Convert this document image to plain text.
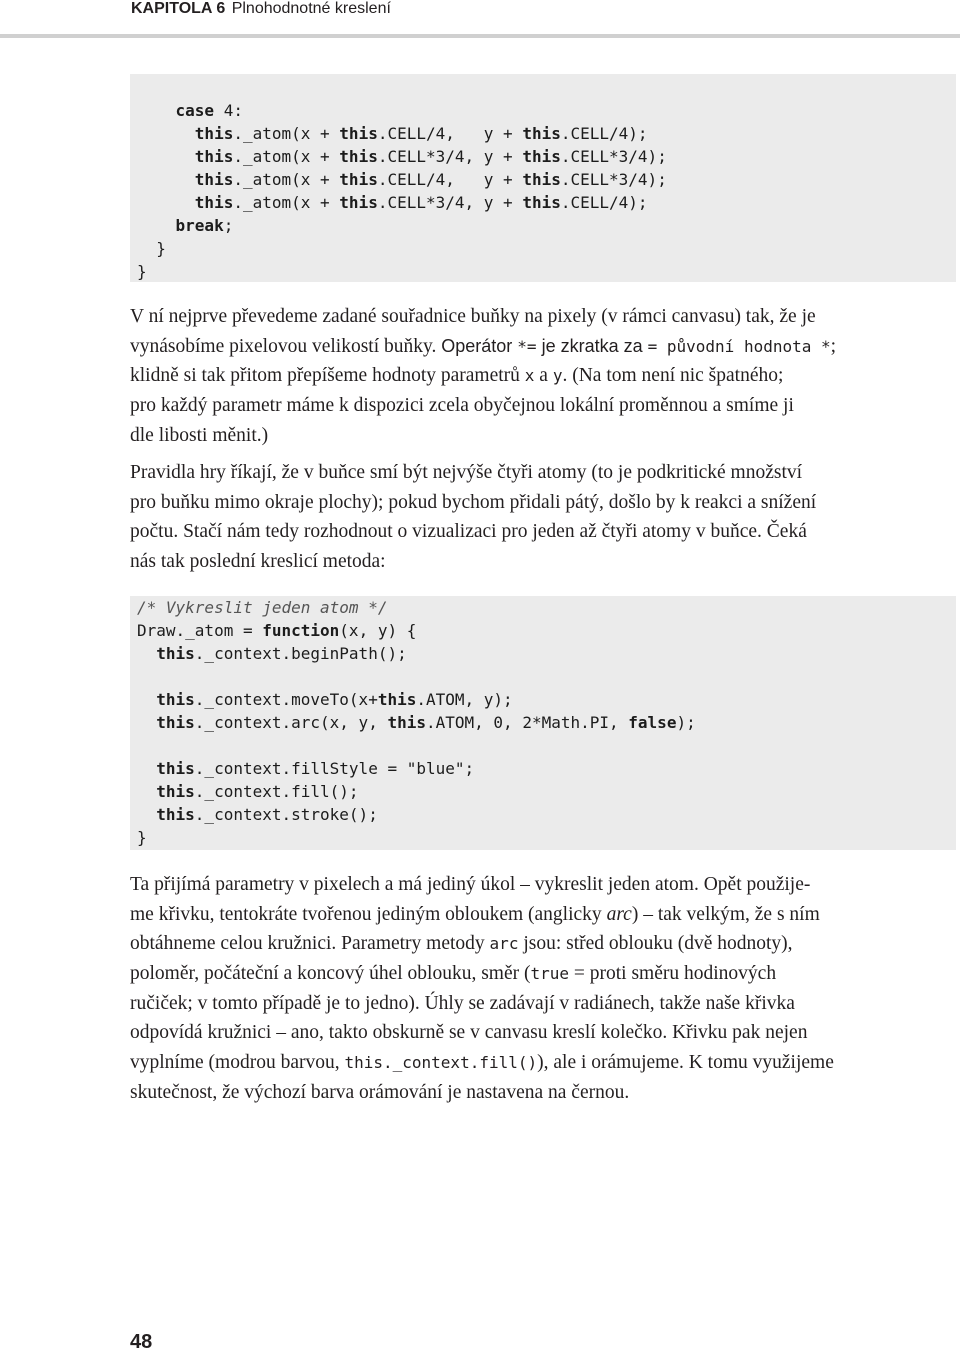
KAPITOLA 6 Plnohodnotné kreslení
case 4:
this._atom(x + this.CELL/4,   y + this.CELL/4);
this._atom(x + this.CELL*3/4, y + this.CELL*3/4);
this._atom(x + this.CELL/4,   y + this.CELL*3/4);
this._atom(x + this.CELL*3/4, y + this.CELL/4);
break;
}
}
V ní nejprve převedeme zadané souřadnice buňky na pixely (v rámci canvasu) tak, že je
vynásobíme pixelovou velikostí buňky. Operátor *= je zkratka za = původní hodnota *;
klidně si tak přitom přepíšeme hodnoty parametrů x a y. (Na tom není nic špatného;
pro každý parametr máme k dispozici zcela obyčejnou lokální proměnnou a smíme ji
dle libosti měnit.)
Pravidla hry říkají, že v buňce smí být nejvýše čtyři atomy (to je podkritické množství
pro buňku mimo okraje plochy); pokud bychom přidali pátý, došlo by k reakci a snížení
počtu. Stačí nám tedy rozhodnout o vizualizaci pro jeden až čtyři atomy v buňce. Čeká
nás tak poslední kreslicí metoda:
/* Vykreslit jeden atom */
Draw._atom = function(x, y) {
this._context.beginPath();
this._context.moveTo(x+this.ATOM, y);
this._context.arc(x, y, this.ATOM, 0, 2*Math.PI, false);
this._context.fillStyle = "blue";
this._context.fill();
this._context.stroke();
}
Ta přijímá parametry v pixelech a má jediný úkol – vykreslit jeden atom. Opět použije-
me křivku, tentokráte tvořenou jediným obloukem (anglicky arc) – tak velkým, že s ním
obtáhneme celou kružnici. Parametry metody arc jsou: střed oblouku (dvě hodnoty),
poloměr, počáteční a koncový úhel oblouku, směr (true = proti směru hodinových
ručiček; v tomto případě je to jedno). Úhly se zadávají v radiánech, takže naše křivka
odpovídá kružnici – ano, takto obskurně se v canvasu kreslí kolečko. Křivku pak nejen
vyplníme (modrou barvou, this._context.fill()), ale i orámujeme. K tomu využijeme
skutečnost, že výchozí barva orámování je nastavena na černou.
48
